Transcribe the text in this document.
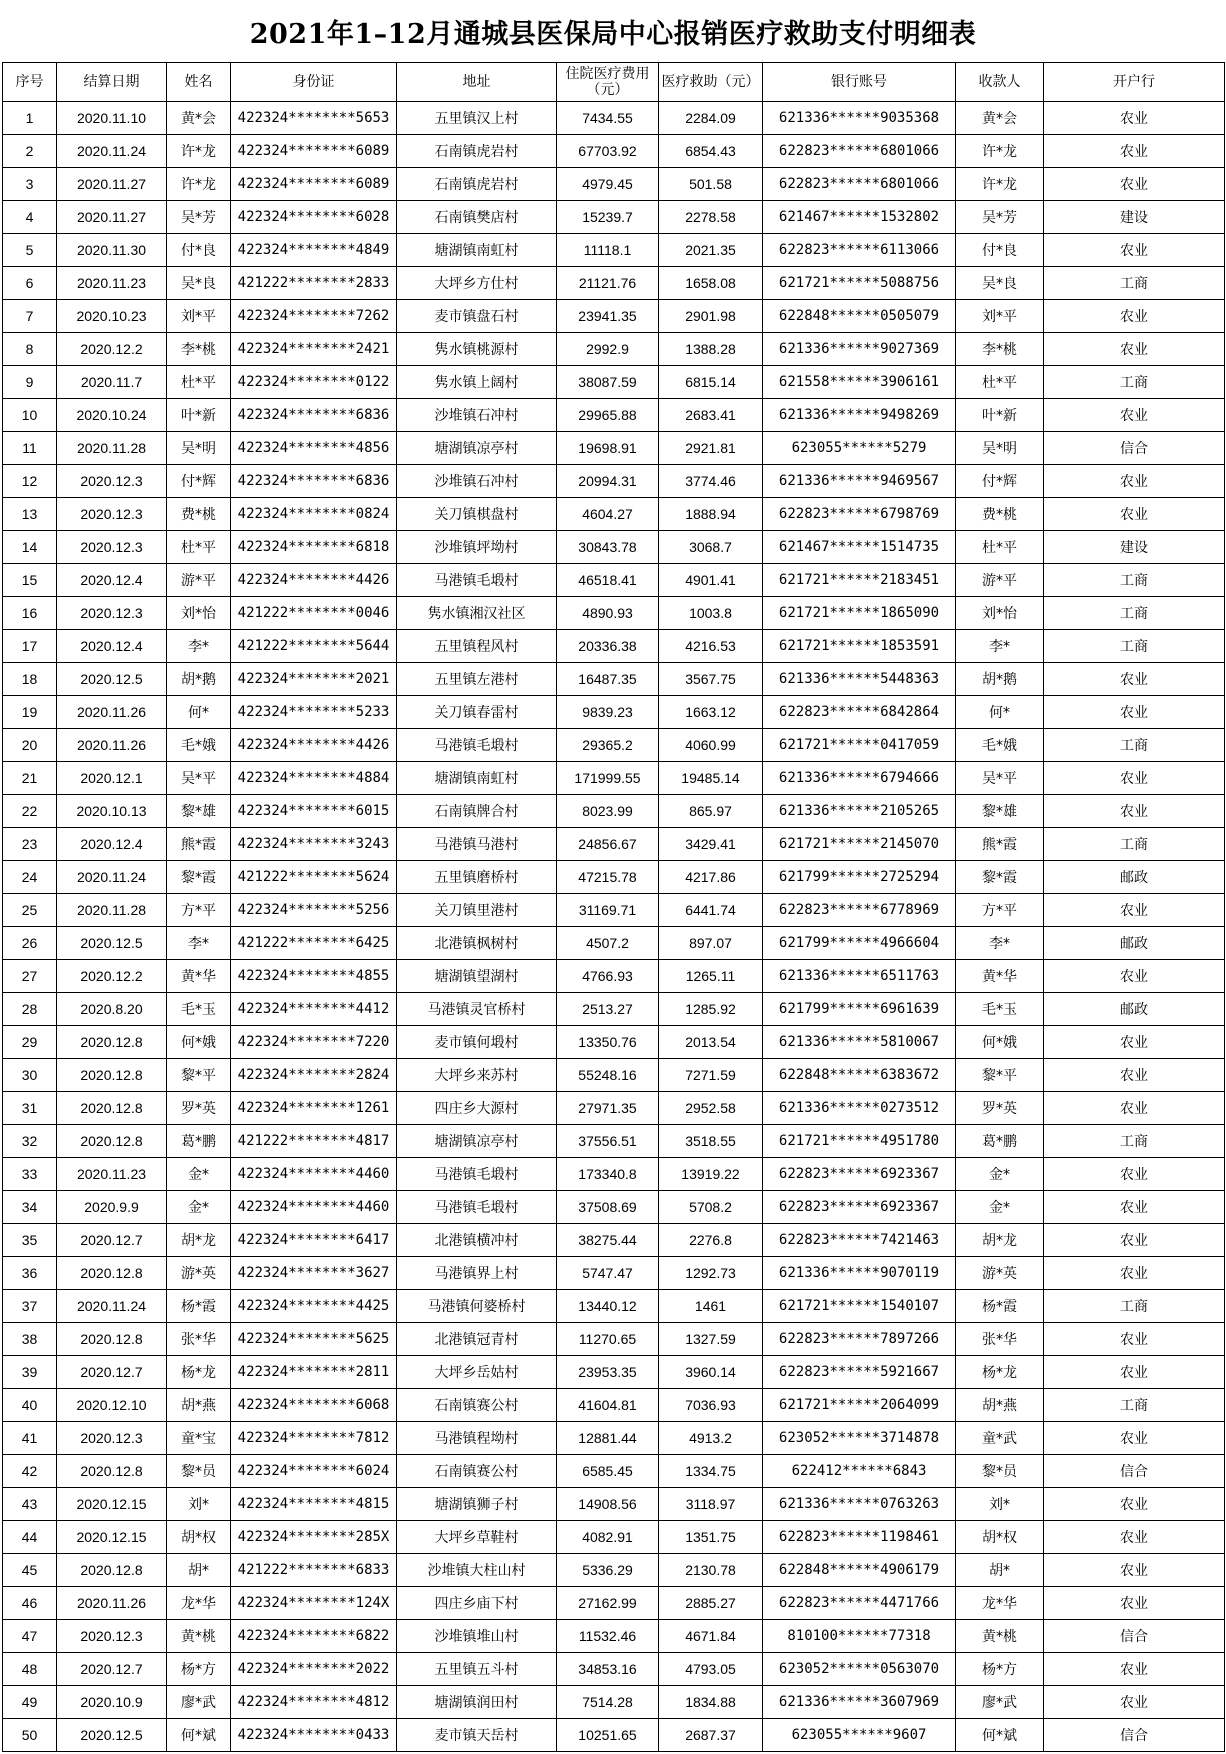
2021年1–12月通城县医保局中心报销医疗救助支付明细表
序号	结算日期	姓名	身份证	地址	住院医疗费用（元）	医疗救助（元）	银行账号	收款人	开户行
1	2020.11.10	黄*会	422324********5653	五里镇汉上村	7434.55	2284.09	621336******9035368	黄*会	农业
2	2020.11.24	许*龙	422324********6089	石南镇虎岩村	67703.92	6854.43	622823******6801066	许*龙	农业
3	2020.11.27	许*龙	422324********6089	石南镇虎岩村	4979.45	501.58	622823******6801066	许*龙	农业
4	2020.11.27	吴*芳	422324********6028	石南镇樊店村	15239.7	2278.58	621467******1532802	吴*芳	建设
5	2020.11.30	付*良	422324********4849	塘湖镇南虹村	11118.1	2021.35	622823******6113066	付*良	农业
6	2020.11.23	吴*良	421222********2833	大坪乡方仕村	21121.76	1658.08	621721******5088756	吴*良	工商
7	2020.10.23	刘*平	422324********7262	麦市镇盘石村	23941.35	2901.98	622848******0505079	刘*平	农业
8	2020.12.2	李*桃	422324********2421	隽水镇桃源村	2992.9	1388.28	621336******9027369	李*桃	农业
9	2020.11.7	杜*平	422324********0122	隽水镇上阔村	38087.59	6815.14	621558******3906161	杜*平	工商
10	2020.10.24	叶*新	422324********6836	沙堆镇石冲村	29965.88	2683.41	621336******9498269	叶*新	农业
11	2020.11.28	吴*明	422324********4856	塘湖镇凉亭村	19698.91	2921.81	623055******5279	吴*明	信合
12	2020.12.3	付*辉	422324********6836	沙堆镇石冲村	20994.31	3774.46	621336******9469567	付*辉	农业
13	2020.12.3	费*桃	422324********0824	关刀镇棋盘村	4604.27	1888.94	622823******6798769	费*桃	农业
14	2020.12.3	杜*平	422324********6818	沙堆镇坪坳村	30843.78	3068.7	621467******1514735	杜*平	建设
15	2020.12.4	游*平	422324********4426	马港镇毛塅村	46518.41	4901.41	621721******2183451	游*平	工商
16	2020.12.3	刘*怡	421222********0046	隽水镇湘汉社区	4890.93	1003.8	621721******1865090	刘*怡	工商
17	2020.12.4	李*	421222********5644	五里镇程风村	20336.38	4216.53	621721******1853591	李*	工商
18	2020.12.5	胡*鹅	422324********2021	五里镇左港村	16487.35	3567.75	621336******5448363	胡*鹅	农业
19	2020.11.26	何*	422324********5233	关刀镇春雷村	9839.23	1663.12	622823******6842864	何*	农业
20	2020.11.26	毛*娥	422324********4426	马港镇毛塅村	29365.2	4060.99	621721******0417059	毛*娥	工商
21	2020.12.1	吴*平	422324********4884	塘湖镇南虹村	171999.55	19485.14	621336******6794666	吴*平	农业
22	2020.10.13	黎*雄	422324********6015	石南镇牌合村	8023.99	865.97	621336******2105265	黎*雄	农业
23	2020.12.4	熊*霞	422324********3243	马港镇马港村	24856.67	3429.41	621721******2145070	熊*霞	工商
24	2020.11.24	黎*霞	421222********5624	五里镇磨桥村	47215.78	4217.86	621799******2725294	黎*霞	邮政
25	2020.11.28	方*平	422324********5256	关刀镇里港村	31169.71	6441.74	622823******6778969	方*平	农业
26	2020.12.5	李*	421222********6425	北港镇枫树村	4507.2	897.07	621799******4966604	李*	邮政
27	2020.12.2	黄*华	422324********4855	塘湖镇望湖村	4766.93	1265.11	621336******6511763	黄*华	农业
28	2020.8.20	毛*玉	422324********4412	马港镇灵官桥村	2513.27	1285.92	621799******6961639	毛*玉	邮政
29	2020.12.8	何*娥	422324********7220	麦市镇何塅村	13350.76	2013.54	621336******5810067	何*娥	农业
30	2020.12.8	黎*平	422324********2824	大坪乡来苏村	55248.16	7271.59	622848******6383672	黎*平	农业
31	2020.12.8	罗*英	422324********1261	四庄乡大源村	27971.35	2952.58	621336******0273512	罗*英	农业
32	2020.12.8	葛*鹏	421222********4817	塘湖镇凉亭村	37556.51	3518.55	621721******4951780	葛*鹏	工商
33	2020.11.23	金*	422324********4460	马港镇毛塅村	173340.8	13919.22	622823******6923367	金*	农业
34	2020.9.9	金*	422324********4460	马港镇毛塅村	37508.69	5708.2	622823******6923367	金*	农业
35	2020.12.7	胡*龙	422324********6417	北港镇横冲村	38275.44	2276.8	622823******7421463	胡*龙	农业
36	2020.12.8	游*英	422324********3627	马港镇界上村	5747.47	1292.73	621336******9070119	游*英	农业
37	2020.11.24	杨*霞	422324********4425	马港镇何婆桥村	13440.12	1461	621721******1540107	杨*霞	工商
38	2020.12.8	张*华	422324********5625	北港镇冠青村	11270.65	1327.59	622823******7897266	张*华	农业
39	2020.12.7	杨*龙	422324********2811	大坪乡岳姑村	23953.35	3960.14	622823******5921667	杨*龙	农业
40	2020.12.10	胡*燕	422324********6068	石南镇赛公村	41604.81	7036.93	621721******2064099	胡*燕	工商
41	2020.12.3	童*宝	422324********7812	马港镇程坳村	12881.44	4913.2	623052******3714878	童*武	农业
42	2020.12.8	黎*员	422324********6024	石南镇赛公村	6585.45	1334.75	622412******6843	黎*员	信合
43	2020.12.15	刘*	422324********4815	塘湖镇狮子村	14908.56	3118.97	621336******0763263	刘*	农业
44	2020.12.15	胡*权	422324********285X	大坪乡草鞋村	4082.91	1351.75	622823******1198461	胡*权	农业
45	2020.12.8	胡*	421222********6833	沙堆镇大柱山村	5336.29	2130.78	622848******4906179	胡*	农业
46	2020.11.26	龙*华	422324********124X	四庄乡庙下村	27162.99	2885.27	622823******4471766	龙*华	农业
47	2020.12.3	黄*桃	422324********6822	沙堆镇堆山村	11532.46	4671.84	810100******77318	黄*桃	信合
48	2020.12.7	杨*方	422324********2022	五里镇五斗村	34853.16	4793.05	623052******0563070	杨*方	农业
49	2020.10.9	廖*武	422324********4812	塘湖镇润田村	7514.28	1834.88	621336******3607969	廖*武	农业
50	2020.12.5	何*斌	422324********0433	麦市镇天岳村	10251.65	2687.37	623055******9607	何*斌	信合
